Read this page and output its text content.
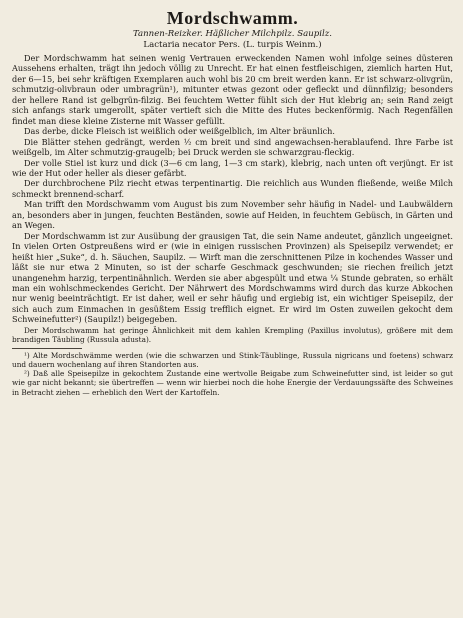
Mordschwamm.
Tannen-Reizker. Häßlicher Milchpilz. Saupilz.
Lactaria necator Pers. (L. turpis Weinm.)

Der Mordschwamm hat seinen wenig Vertrauen erweckenden Namen wohl infolge seines düsteren Aussehens erhalten, trägt ihn jedoch völlig zu Unrecht. Er hat einen festfleischigen, ziemlich harten Hut, der 6—15, bei sehr kräftigen Exemplaren auch wohl bis 20 cm breit werden kann. Er ist schwarz-olivgrün, schmutzig-olivbraun oder umbragrün¹), mitunter etwas gezont oder gefleckt und dünnfilzig; besonders der hellere Rand ist gelbgrün-filzig. Bei feuchtem Wetter fühlt sich der Hut klebrig an; sein Rand zeigt sich anfangs stark umgerollt, später vertieft sich die Mitte des Hutes beckenförmig. Nach Regenfällen findet man diese kleine Zisterne mit Wasser gefüllt.

Das derbe, dicke Fleisch ist weißlich oder weißgelblich, im Alter bräunlich.

Die Blätter stehen gedrängt, werden ½ cm breit und sind angewachsen-herablaufend. Ihre Farbe ist weißgelb, im Alter schmutzig-graugelb; bei Druck werden sie schwarzgrau-fleckig.

Der volle Stiel ist kurz und dick (3—6 cm lang, 1—3 cm stark), klebrig, nach unten oft verjüngt. Er ist wie der Hut oder heller als dieser gefärbt.

Der durchbrochene Pilz riecht etwas terpentinartig. Die reichlich aus Wunden fließende, weiße Milch schmeckt brennend-scharf.

Man trifft den Mordschwamm vom August bis zum November sehr häufig in Nadel- und Laubwäldern an, besonders aber in jungen, feuchten Beständen, sowie auf Heiden, in feuchtem Gebüsch, in Gärten und an Wegen.

Der Mordschwamm ist zur Ausübung der grausigen Tat, die sein Name andeutet, gänzlich ungeeignet. In vielen Orten Ostpreußens wird er (wie in einigen russischen Provinzen) als Speisepilz verwendet; er heißt hier „Suke“, d. h. Säuchen, Saupilz. — Wirft man die zerschnittenen Pilze in kochendes Wasser und läßt sie nur etwa 2 Minuten, so ist der scharfe Geschmack geschwunden; sie riechen freilich jetzt unangenehm harzig, terpentinähnlich. Werden sie aber abgespült und etwa ¼ Stunde gebraten, so erhält man ein wohlschmeckendes Gericht. Der Nährwert des Mordschwamms wird durch das kurze Abkochen nur wenig beeinträchtigt. Er ist daher, weil er sehr häufig und ergiebig ist, ein wichtiger Speisepilz, der sich auch zum Einmachen in gesüßtem Essig trefflich eignet. Er wird im Osten zuweilen gekocht dem Schweinefutter²) (Saupilz!) beigegeben.

Der Mordschwamm hat geringe Ähnlichkeit mit dem kahlen Krempling (Paxillus involutus), größere mit dem brandigen Täubling (Russula adusta).

¹) Alte Mordschwämme werden (wie die schwarzen und Stink-Täublinge, Russula nigricans und foetens) schwarz und dauern wochenlang auf ihren Standorten aus.

²) Daß alle Speisepilze in gekochtem Zustande eine wertvolle Beigabe zum Schweinefutter sind, ist leider so gut wie gar nicht bekannt; sie übertreffen — wenn wir hierbei noch die hohe Energie der Verdauungssäfte des Schweines in Betracht ziehen — erheblich den Wert der Kartoffeln.
